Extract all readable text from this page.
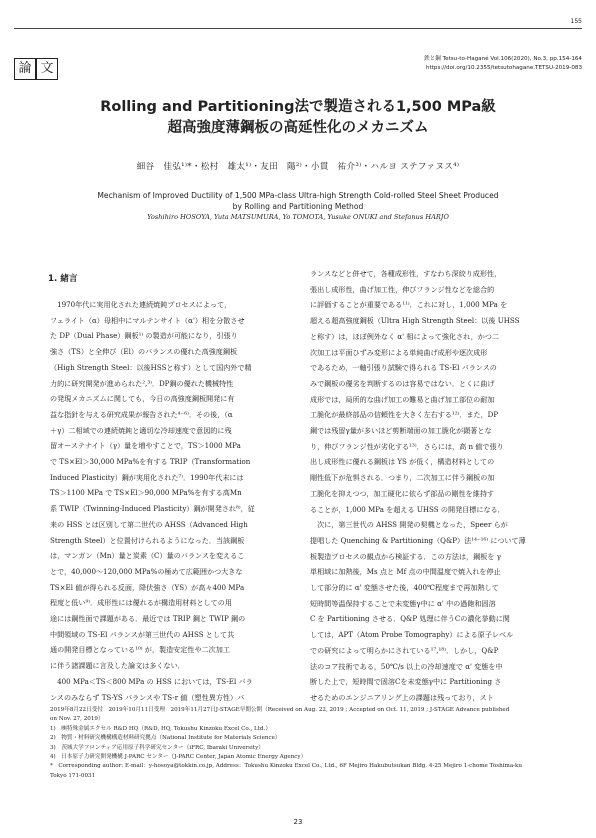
155
論 文
鉄と鋼 Tetsu-to-Hagané Vol.106(2020), No.3, pp.154-164
https://doi.org/10.2355/tetsutohagane.TETSU-2019-083
Rolling and Partitioning法で製造される1,500 MPa級
超高強度薄鋼板の高延性化のメカニズム
細谷　佳弘¹⁾*・松村　雄太¹⁾・友田　陽²⁾・小貫　祐介³⁾・ハルヨ ステファヌス⁴⁾
Mechanism of Improved Ductility of 1,500 MPa-class Ultra-high Strength Cold-rolled Steel Sheet Produced
by Rolling and Partitioning Method
Yoshihiro HOSOYA, Yuta MATSUMURA, Yo TOMOTA, Yusuke ONUKI and Stefanus HARJO
1. 緒言

　1970年代に実用化された連続焼鈍プロセスによって，

フェライト（α）母相中にマルテンサイト（α'）相を分散させ

た DP（Dual Phase）鋼板¹⁾ の製造が可能になり，引張り

強さ（TS）と全伸び（El）のバランスの優れた高強度鋼板

（High Strength Steel：以後HSSと称す）として国内外で精

力的に研究開発が進められた²,³⁾．DP鋼の優れた機械特性

の発現メカニズムに関しても，今日の高強度鋼板開発に有

益な指針を与える研究成果が報告された⁴⁻⁶⁾．その後，（α

＋γ）二相域での連続焼鈍と適切な冷却速度で意図的に残

留オーステナイト（γ）量を増やすことで，TS＞1000 MPa

で TS×El＞30,000 MPa%を有する TRIP（Transformation

Induced Plasticity）鋼が実用化された⁷⁾．1990年代末には

TS＞1100 MPa で TS×El＞90,000 MPa%を有する高Mn

系 TWIP（Twinning-Induced Plasticity）鋼が開発され⁸⁾，従

来の HSS とは区別して第二世代の AHSS（Advanced High

Strength Steel）と位置付けられるようになった．当該鋼板

は，マンガン（Mn）量と炭素（C）量のバランスを変えるこ

とで，40,000〜120,000 MPa%の極めて広範囲かつ大きな

TS×El 値が得られる反面，降伏強さ（YS）が高々400 MPa

程度と低い⁹⁾．成形性には優れるが構造用材料としての用

途には鋼性面で課題がある．最近では TRIP 鋼と TWIP 鋼の

中間領域の TS-El バランスが第三世代の AHSS として共

通の開発目標となっている¹⁰⁾ が，製造安定性や二次加工

に伴う諸課題に言及した論文は多くない．

　400 MPa＜TS＜800 MPa の HSS においては，TS-El バラ

ンスのみならず TS-YS バランスや TS-r 値（塑性異方性）バ

ランスなどと併せて，各種成形性，すなわち深絞り成形性，

張出し成形性，曲げ加工性，伸びフランジ性などを総合的

に評価することが重要である¹¹⁾．これに対し，1,000 MPa を

超える超高強度鋼板（Ultra High Strength Steel：以後 UHSS

と称す）は，ほぼ例外なく α' 相によって強化され，かつ二

次加工は平面ひずみ変形による単純曲げ成形や逐次成形

であるため，一軸引張り試験で得られる TS-El バランスの

みで鋼板の優劣を判断するのは容易ではない．とくに曲げ

成形では，局所的な曲げ加工の難易と曲げ加工部位の耐加

工脆化が最終部品の信頼性を大きく左右する¹²⁾．また，DP

鋼では残留γ量が多いほど剪断端面の加工脆化が顕著とな

り，伸びフランジ性が劣化する¹³⁾．さらには，高 n 値で張り

出し成形性に優れる鋼板は YS が低く，構造材料としての

剛性低下が危惧される．つまり，二次加工に伴う鋼板の加

工脆化を抑えつつ，加工硬化に依らず部品の剛性を維持す

ることが，1,000 MPa を超える UHSS の開発目標になる．

　次に，第三世代の AHSS 開発の契機となった，Speer らが

提唱した Quenching & Partitioning（Q&P）法¹⁴⁻¹⁶⁾ について薄

板製造プロセスの観点から検証する．この方法は，鋼板を γ

単相域に加熱後，Ms 点と Mf 点の中間温度で焼入れを停止

して部分的に α' 変態させた後，400℃程度まで再加熱して

短時間等温保持することで未変態γ中に α' 中の過飽和固溶

C を Partitioning させる．Q&P 処理に伴うCの濃化挙動に関

しては，APT（Atom Probe Tomography）による原子レベル

での研究によって明らかにされている¹⁷,¹⁸⁾．しかし，Q&P

法のコア技術である，50℃/s 以上の冷却速度で α' 変態を中

断した上で，短時間で固溶Cを未変態γ中に Partitioning さ

せるためのエンジニアリング上の課題は残っており，スト

2019年8月22日受付　2019年10月11日受理　2019年11月27日J-STAGE早期公開（Received on Aug. 22, 2019 ; Accepted on Oct. 11, 2019 ; J-STAGE Advance published
on Nov. 27, 2019）
1)　㈱特殊金属エクセル R&D HQ（R&D, HQ, Tokushu Kinzoku Excel Co., Ltd.）
2)　物質・材料研究機構構造材料研究拠点（National Institute for Materials Science）
3)　茨城大学フロンティア応用原子科学研究センター（iFRC, Ibaraki University）
4)　日本原子力研究開発機構 J-PARC センター（J-PARC Center, Japan Atomic Energy Agency）
*　Corresponding author: E-mail：y-hosoya@tokkin.co.jp, Address：Tokushu Kinzoku Excel Co., Ltd., 6F Mejiro Hakubutsukan Bldg. 4-25 Mejiro 1-chome Toshima-ku
Tokyo 171-0031
23
